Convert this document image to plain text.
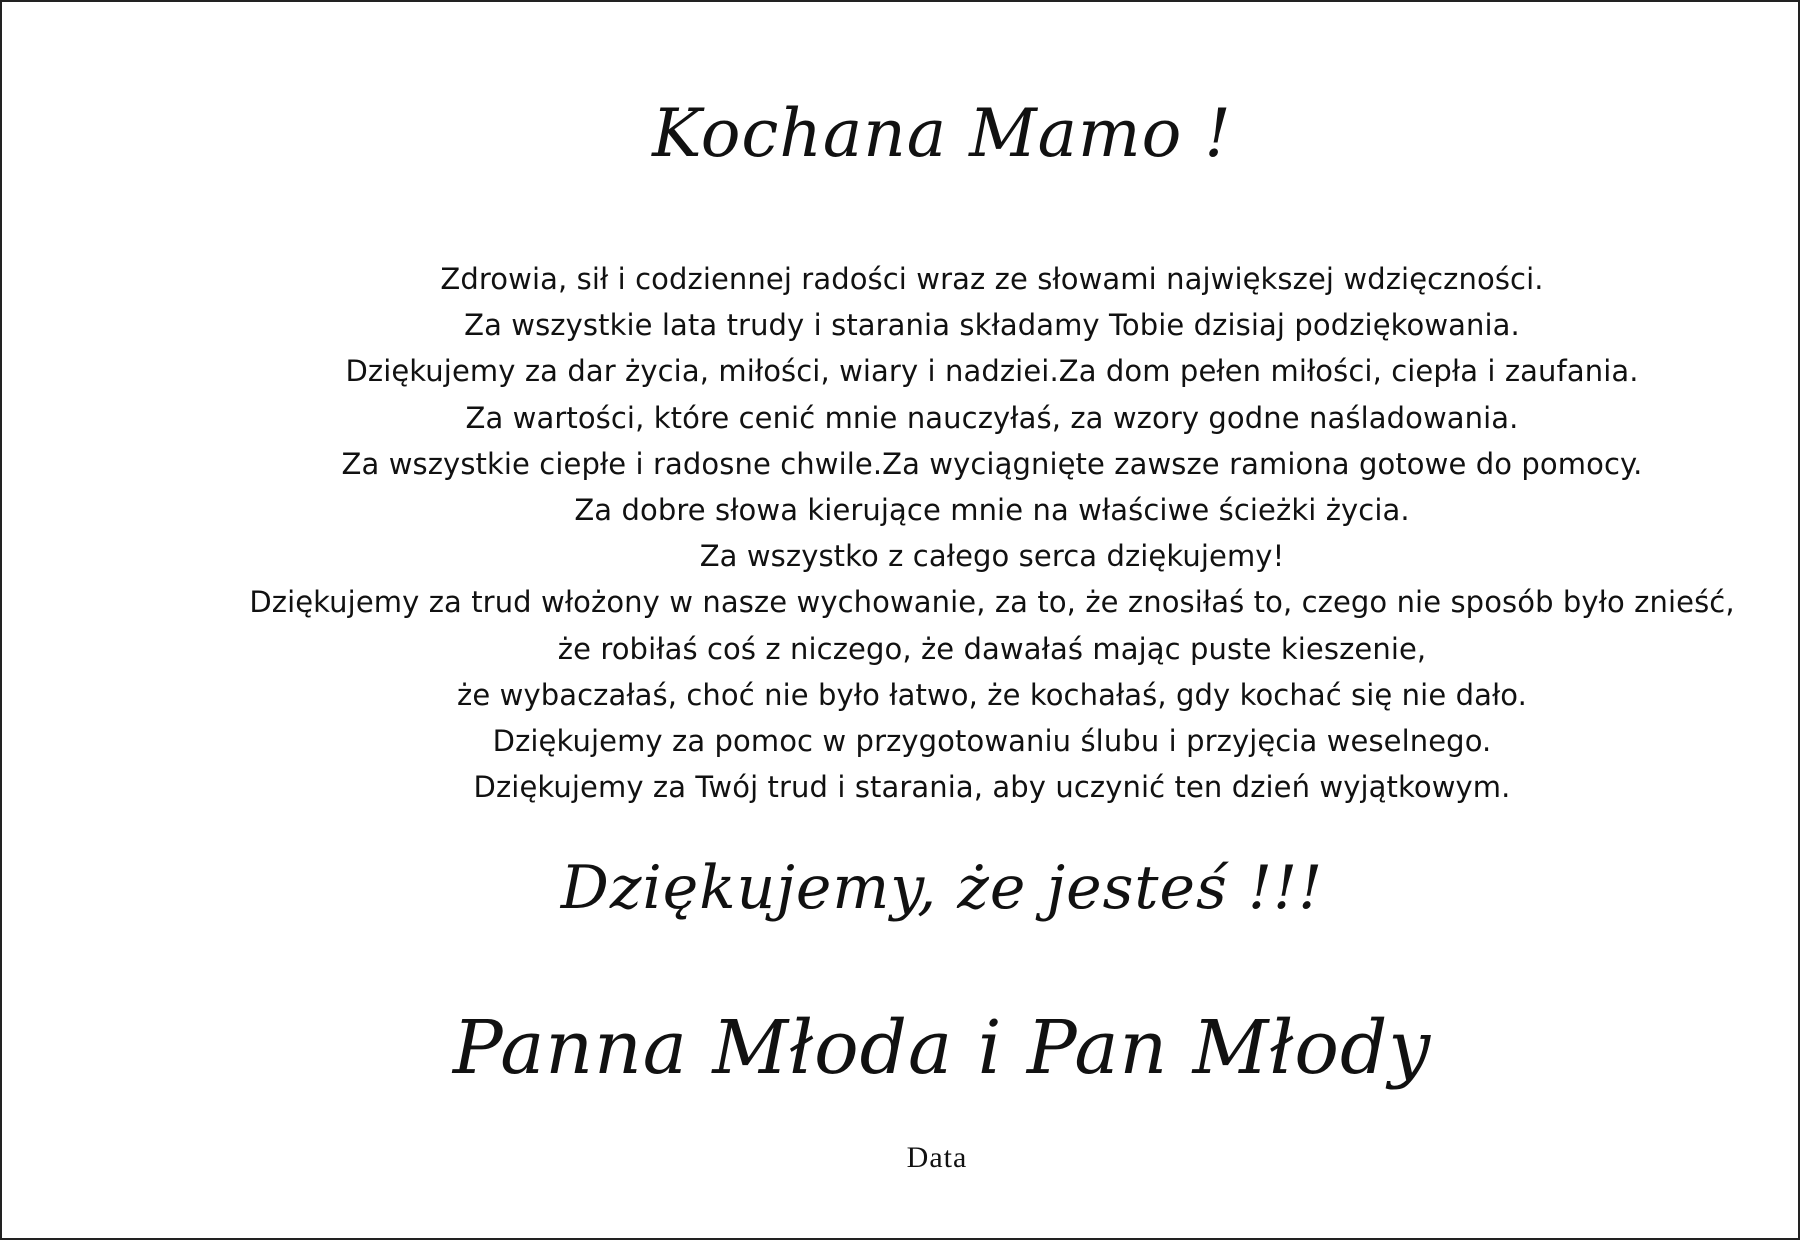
Kochana Mamo !
Zdrowia, sił i codziennej radości wraz ze słowami największej wdzięczności.
Za wszystkie lata trudy i starania składamy Tobie dzisiaj podziękowania.
Dziękujemy za dar życia, miłości, wiary i nadziei.Za dom pełen miłości, ciepła i zaufania.
Za wartości, które cenić mnie nauczyłaś, za wzory godne naśladowania.
Za wszystkie ciepłe i radosne chwile.Za wyciągnięte zawsze ramiona gotowe do pomocy.
Za dobre słowa kierujące mnie na właściwe ścieżki życia.
Za wszystko z całego serca dziękujemy!
Dziękujemy za trud włożony w nasze wychowanie, za to, że znosiłaś to, czego nie sposób było znieść,
że robiłaś coś z niczego, że dawałaś mając puste kieszenie,
że wybaczałaś, choć nie było łatwo, że kochałaś, gdy kochać się nie dało.
Dziękujemy za pomoc w przygotowaniu ślubu i przyjęcia weselnego.
Dziękujemy za Twój trud i starania, aby uczynić ten dzień wyjątkowym.
Dziękujemy, że jesteś !!!
Panna Młoda i Pan Młody
Data
